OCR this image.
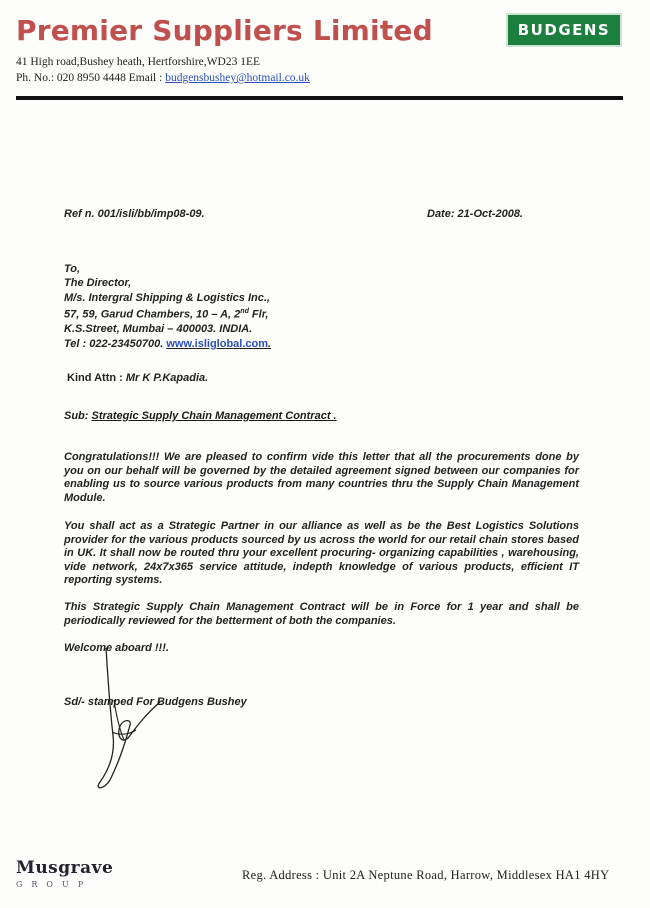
Premier Suppliers Limited
41 High road,Bushey heath, Hertforshire,WD23 1EE
Ph. No.: 020 8950 4448 Email : budgensbushey@hotmail.co.uk
BUDGENS
Ref n. 001/isli/bb/imp08-09.	Date: 21-Oct-2008.
To,
The Director,
M/s. Intergral Shipping & Logistics Inc.,
57, 59, Garud Chambers, 10 – A, 2nd Flr,
K.S.Street, Mumbai – 400003. INDIA.
Tel : 022-23450700. www.isliglobal.com.
Kind Attn : Mr K P.Kapadia.
Sub: Strategic Supply Chain Management Contract .
Congratulations!!! We are pleased to confirm vide this letter that all the procurements done by you on our behalf will be governed by the detailed agreement signed between our companies for enabling us to source various products from many countries thru the Supply Chain Management Module.
You shall act as a Strategic Partner in our alliance as well as be the Best Logistics Solutions provider for the various products sourced by us across the world for our retail chain stores based in UK. It shall now be routed thru your excellent procuring- organizing capabilities , warehousing, vide network, 24x7x365 service attitude, indepth knowledge of various products, efficient IT reporting systems.
This Strategic Supply Chain Management Contract will be in Force for 1 year and shall be periodically reviewed for the betterment of both the companies.
Welcome aboard !!!.
Sd/- stamped For Budgens Bushey
Musgrave
GROUP
Reg. Address : Unit 2A Neptune Road, Harrow, Middlesex HA1 4HY
